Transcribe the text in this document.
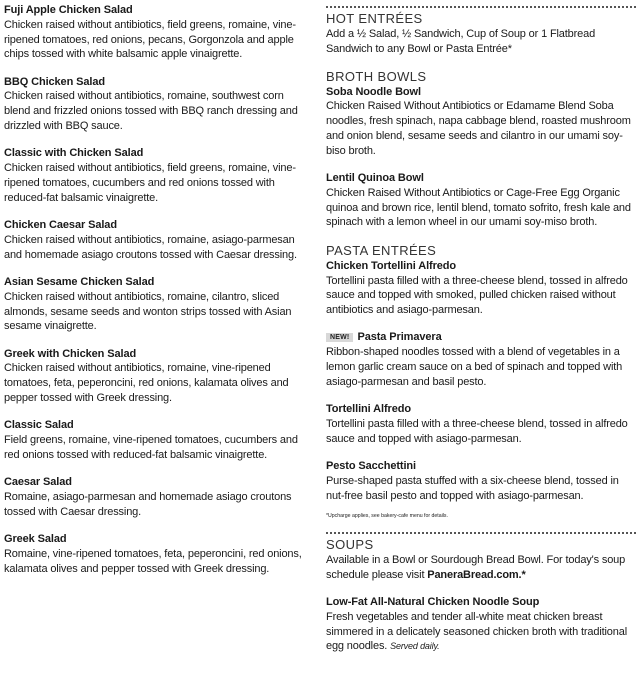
Fuji Apple Chicken Salad
Chicken raised without antibiotics, field greens, romaine, vine-ripened tomatoes, red onions, pecans, Gorgonzola and apple chips tossed with white balsamic apple vinaigrette.
BBQ Chicken Salad
Chicken raised without antibiotics, romaine, southwest corn blend and frizzled onions tossed with BBQ ranch dressing and drizzled with BBQ sauce.
Classic with Chicken Salad
Chicken raised without antibiotics, field greens, romaine, vine-ripened tomatoes, cucumbers and red onions tossed with reduced-fat balsamic vinaigrette.
Chicken Caesar Salad
Chicken raised without antibiotics, romaine, asiago-parmesan and homemade asiago croutons tossed with Caesar dressing.
Asian Sesame Chicken Salad
Chicken raised without antibiotics, romaine, cilantro, sliced almonds, sesame seeds and wonton strips tossed with Asian sesame vinaigrette.
Greek with Chicken Salad
Chicken raised without antibiotics, romaine, vine-ripened tomatoes, feta, peperoncini, red onions, kalamata olives and pepper tossed with Greek dressing.
Classic Salad
Field greens, romaine, vine-ripened tomatoes, cucumbers and red onions tossed with reduced-fat balsamic vinaigrette.
Caesar Salad
Romaine, asiago-parmesan and homemade asiago croutons tossed with Caesar dressing.
Greek Salad
Romaine, vine-ripened tomatoes, feta, peperoncini, red onions, kalamata olives and pepper tossed with Greek dressing.
HOT ENTRÉES
Add a ½ Salad, ½ Sandwich, Cup of Soup or 1 Flatbread Sandwich to any Bowl or Pasta Entrée*
BROTH BOWLS
Soba Noodle Bowl
Chicken Raised Without Antibiotics or Edamame Blend Soba noodles, fresh spinach, napa cabbage blend, roasted mushroom and onion blend, sesame seeds and cilantro in our umami soy-biso broth.
Lentil Quinoa Bowl
Chicken Raised Without Antibiotics or Cage-Free Egg Organic quinoa and brown rice, lentil blend, tomato sofrito, fresh kale and spinach with a lemon wheel in our umami soy-miso broth.
PASTA ENTRÉES
Chicken Tortellini Alfredo
Tortellini pasta filled with a three-cheese blend, tossed in alfredo sauce and topped with smoked, pulled chicken raised without antibiotics and asiago-parmesan.
NEW! Pasta Primavera
Ribbon-shaped noodles tossed with a blend of vegetables in a lemon garlic cream sauce on a bed of spinach and topped with asiago-parmesan and basil pesto.
Tortellini Alfredo
Tortellini pasta filled with a three-cheese blend, tossed in alfredo sauce and topped with asiago-parmesan.
Pesto Sacchettini
Purse-shaped pasta stuffed with a six-cheese blend, tossed in nut-free basil pesto and topped with asiago-parmesan.
*Upcharge applies, see bakery-cafe menu for details.
SOUPS
Available in a Bowl or Sourdough Bread Bowl. For today's soup schedule please visit PaneraBread.com.*
Low-Fat All-Natural Chicken Noodle Soup
Fresh vegetables and tender all-white meat chicken breast simmered in a delicately seasoned chicken broth with traditional egg noodles. Served daily.
